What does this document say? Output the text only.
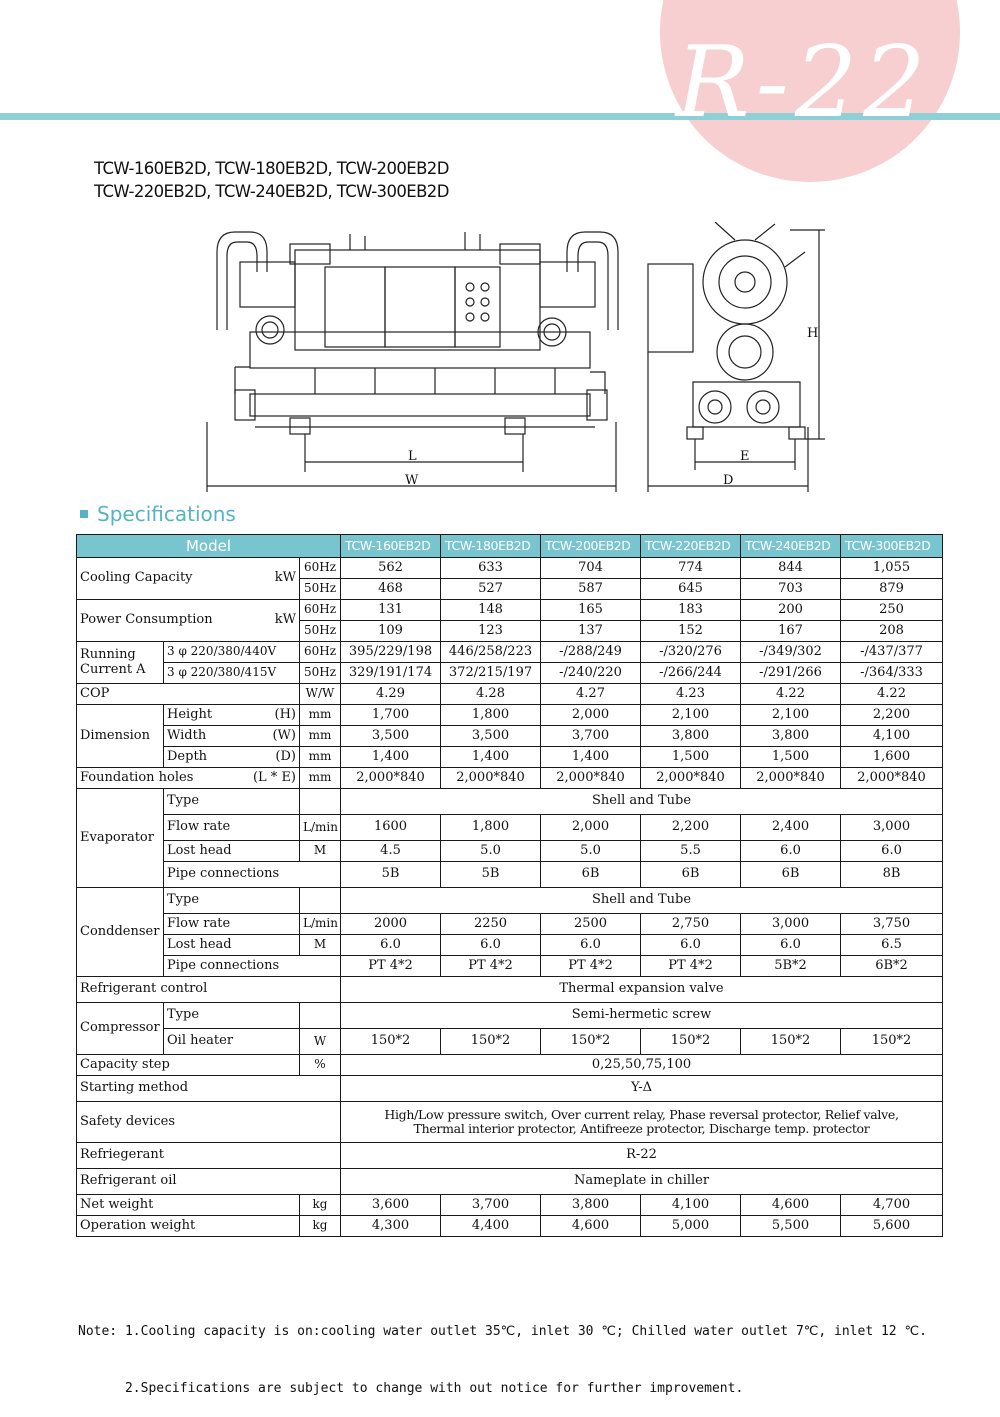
R-22
TCW-160EB2D, TCW-180EB2D, TCW-200EB2D
TCW-220EB2D, TCW-240EB2D, TCW-300EB2D
L
W
E
D
H
Specifications
Model			TCW-160EB2D	TCW-180EB2D	TCW-200EB2D	TCW-220EB2D	TCW-240EB2D	TCW-300EB2D
Cooling Capacity kW		60Hz	562	633	704	774	844	1,055
		50Hz	468	527	587	645	703	879
Power Consumption kW		60Hz	131	148	165	183	200	250
		50Hz	109	123	137	152	167	208
Running
Current A	3 φ 220/380/440V	60Hz	395/229/198	446/258/223	-/288/249	-/320/276	-/349/302	-/437/377
	3 φ 220/380/415V	50Hz	329/191/174	372/215/197	-/240/220	-/266/244	-/291/266	-/364/333
COP		W/W	4.29	4.28	4.27	4.23	4.22	4.22
Dimension	Height (H)	mm	1,700	1,800	2,000	2,100	2,100	2,200
	Width (W)	mm	3,500	3,500	3,700	3,800	3,800	4,100
	Depth (D)	mm	1,400	1,400	1,400	1,500	1,500	1,600
Foundation holes (L * E)		mm	2,000*840	2,000*840	2,000*840	2,000*840	2,000*840	2,000*840
Evaporator	Type		Shell and Tube					
	Flow rate	L/min	1600	1,800	2,000	2,200	2,400	3,000
	Lost head	M	4.5	5.0	5.0	5.5	6.0	6.0
	Pipe connections		5B	5B	6B	6B	6B	8B
Conddenser	Type		Shell and Tube					
	Flow rate	L/min	2000	2250	2500	2,750	3,000	3,750
	Lost head	M	6.0	6.0	6.0	6.0	6.0	6.5
	Pipe connections		PT 4*2	PT 4*2	PT 4*2	PT 4*2	5B*2	6B*2
Refrigerant control			Thermal expansion valve					
Compressor	Type		Semi-hermetic screw					
	Oil heater	W	150*2	150*2	150*2	150*2	150*2	150*2
Capacity step		%	0,25,50,75,100					
Starting method			Y-Δ					
Safety devices			High/Low pressure switch, Over current relay, Phase reversal protector, Relief valve,
Thermal interior protector, Antifreeze protector, Discharge temp. protector					

Refriegerant			R-22					
Refrigerant oil			Nameplate in chiller					
Net weight		kg	3,600	3,700	3,800	4,100	4,600	4,700
Operation weight		kg	4,300	4,400	4,600	5,000	5,500	5,600

Note: 1.Cooling capacity is on:cooling water outlet 35℃, inlet 30 ℃; Chilled water outlet 7℃, inlet 12 ℃.

2.Specifications are subject to change with out notice for further improvement.
